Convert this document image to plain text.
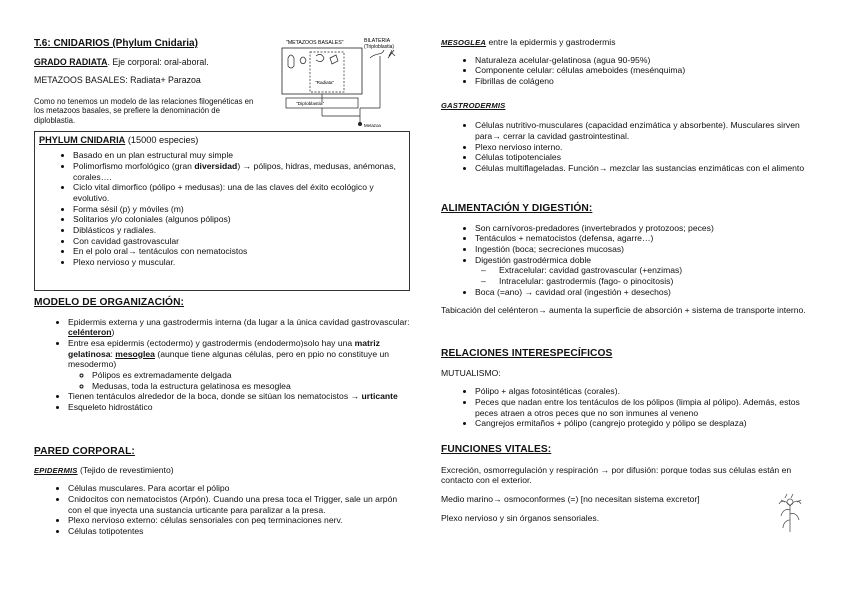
T.6: CNIDARIOS (Phylum Cnidaria)
GRADO RADIATA. Eje corporal: oral-aboral.
METAZOOS BASALES: Radiata+ Parazoa
Como no tenemos un modelo de las relaciones filogenéticas en los metazoos basales, se prefiere la denominación de diploblastia.
"METAZOOS BASALES"	BILATERIA
(Triploblastia)
"Radiata"
"Diploblastia"
Metazoa
PHYLUM CNIDARIA (15000 especies)
• Basado en un plan estructural muy simple
• Polimorfismo morfológico (gran diversidad) → pólipos, hidras, medusas, anémonas, corales….
• Ciclo vital dimorfico (pólipo + medusas): una de las claves del éxito ecológico y evolutivo.
• Forma sésil (p) y móviles (m)
• Solitarios y/o coloniales (algunos pólipos)
• Diblásticos y radiales.
• Con cavidad gastrovascular
• En el polo oral→ tentáculos con nematocistos
• Plexo nervioso y muscular.
MODELO DE ORGANIZACIÓN:
• Epidermis externa y una gastrodermis interna (da lugar a la única cavidad gastrovascular: celénteron)
• Entre esa epidermis (ectodermo) y gastrodermis (endodermo)solo hay una matriz gelatinosa: mesoglea (aunque tiene algunas células, pero en ppio no constituye un mesodermo)
◦ Pólipos es extremadamente delgada
◦ Medusas, toda la estructura gelatinosa es mesoglea
• Tienen tentáculos alrededor de la boca, donde se sitúan los nematocistos → urticante
• Esqueleto hidrostático
PARED CORPORAL:
EPIDERMIS (Tejido de revestimiento)
• Células musculares. Para acortar el pólipo
• Cnidocitos con nematocistos (Arpón). Cuando una presa toca el Trigger, sale un arpón con el que inyecta una sustancia urticante para paralizar a la presa.
• Plexo nervioso externo: células sensoriales con peq terminaciones nerv.
• Células totipotentes
MESOGLEA entre la epidermis y gastrodermis
• Naturaleza acelular-gelatinosa (agua 90-95%)
• Componente celular: células ameboides (mesénquima)
• Fibrillas de colágeno
GASTRODERMIS
• Células nutritivo-musculares (capacidad enzimática y absorbente). Musculares sirven para→ cerrar la cavidad gastrointestinal.
• Plexo nervioso interno.
• Células totipotenciales
• Células multiflageladas. Función→ mezclar las sustancias enzimáticas con el alimento
ALIMENTACIÓN Y DIGESTIÓN:
• Son carnívoros-predadores (invertebrados y protozoos; peces)
• Tentáculos + nematocistos (defensa, agarre…)
• Ingestión (boca; secreciones mucosas)
• Digestión gastrodérmica doble
– Extracelular: cavidad gastrovascular (+enzimas)
– Intracelular: gastrodermis (fago- o pinocitosis)
• Boca (=ano) → cavidad oral (ingestión + desechos)

Tabicación del celénteron→ aumenta la superficie de absorción + sistema de transporte interno.

RELACIONES INTERESPECÍFICOS

MUTUALISMO:

• Pólipo + algas fotosintéticas (corales).
• Peces que nadan entre los tentáculos de los pólipos (limpia al pólipo). Además, estos peces atraen a otros peces que no son inmunes al veneno
• Cangrejos ermitaños + pólipo (cangrejo protegido y pólipo se desplaza)
FUNCIONES VITALES:

Excreción, osmorregulación y respiración → por difusión: porque todas sus células están en contacto con el exterior.

Medio marino→ osmoconformes (=) [no necesitan sistema excretor]

Plexo nervioso y sin órganos sensoriales.
